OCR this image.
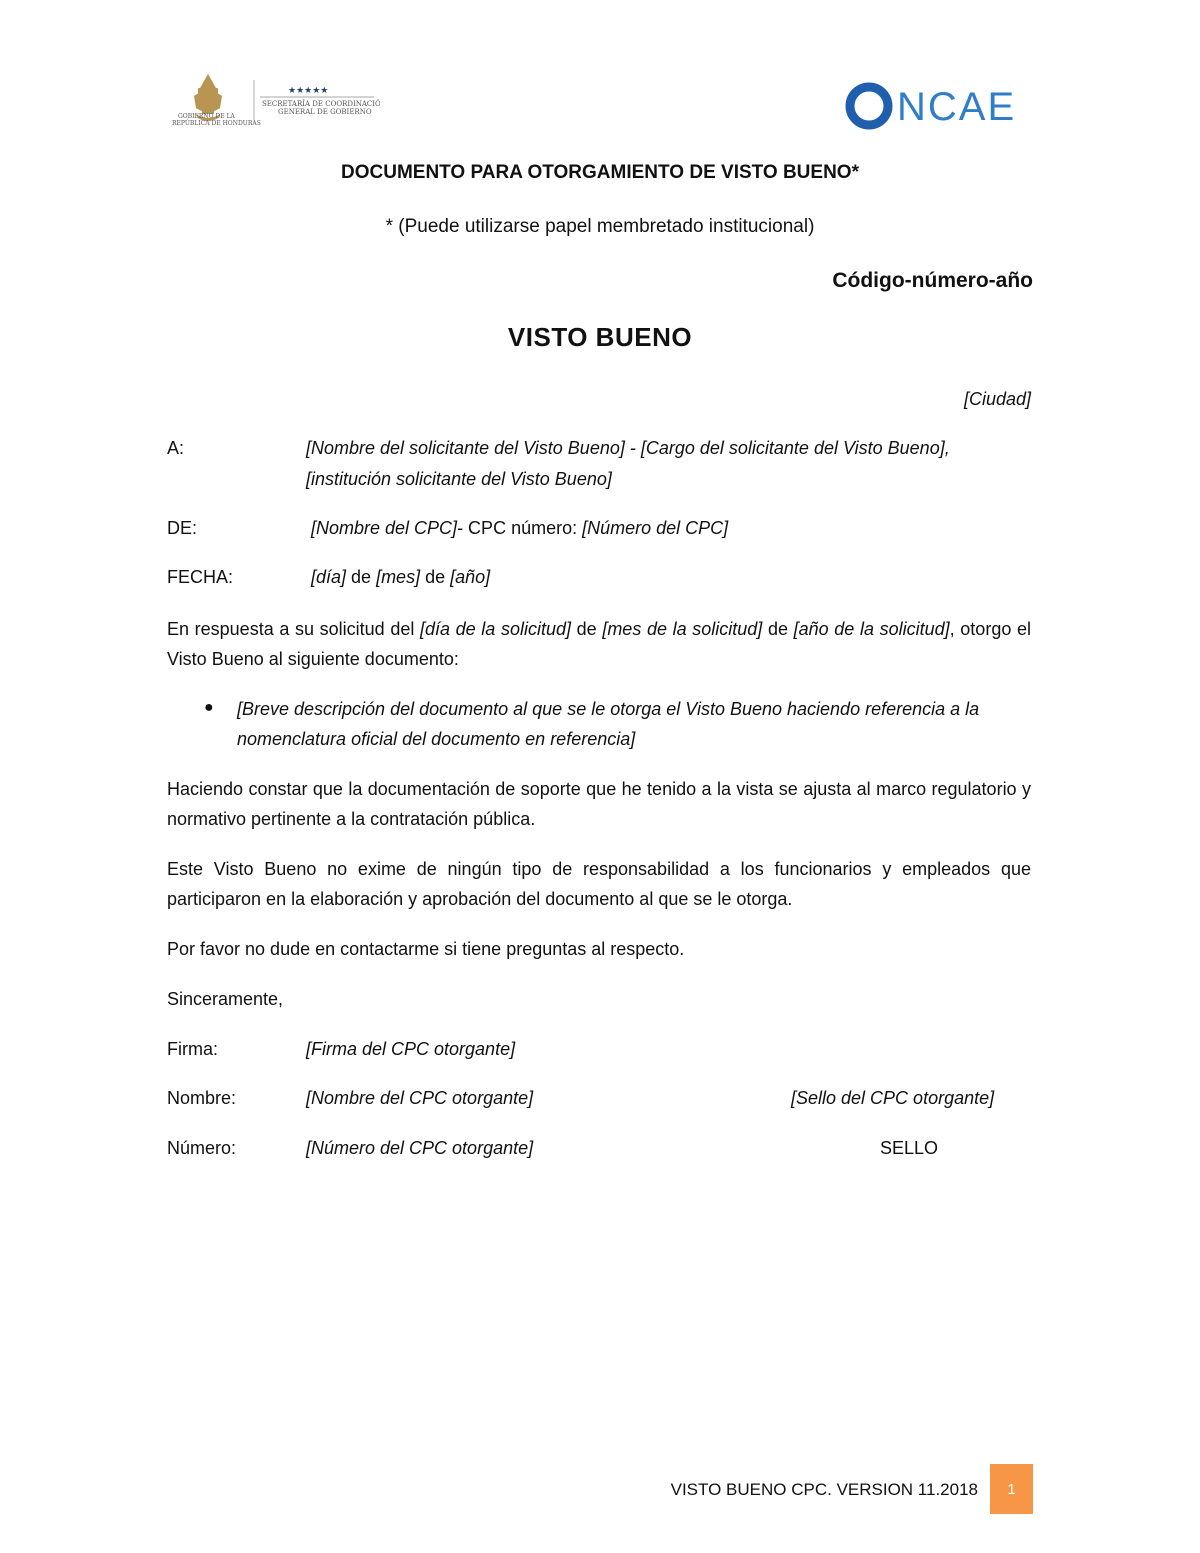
GOBIERNO DE LA
REPÚBLICA DE HONDURAS
★★★★★
SECRETARÍA DE COORDINACIÓN
GENERAL DE GOBIERNO	NCAE
DOCUMENTO PARA OTORGAMIENTO DE VISTO BUENO*
* (Puede utilizarse papel membretado institucional)
Código-número-año
VISTO BUENO
[Ciudad]
A:	[Nombre del solicitante del Visto Bueno] - [Cargo del solicitante del Visto Bueno],
[institución solicitante del Visto Bueno]
DE:	[Nombre del CPC]- CPC número: [Número del CPC]
FECHA:	[día] de [mes] de [año]
En respuesta a su solicitud del [día de la solicitud] de [mes de la solicitud] de [año de la solicitud], otorgo el Visto Bueno al siguiente documento:
● [Breve descripción del documento al que se le otorga el Visto Bueno haciendo referencia a la nomenclatura oficial del documento en referencia]
Haciendo constar que la documentación de soporte que he tenido a la vista se ajusta al marco regulatorio y normativo pertinente a la contratación pública.
Este Visto Bueno no exime de ningún tipo de responsabilidad a los funcionarios y empleados que participaron en la elaboración y aprobación del documento al que se le otorga.
Por favor no dude en contactarme si tiene preguntas al respecto.
Sinceramente,
Firma:	[Firma del CPC otorgante]
Nombre:	[Nombre del CPC otorgante]	[Sello del CPC otorgante]
Número:	[Número del CPC otorgante]	SELLO
VISTO BUENO CPC. VERSION 11.2018	1
